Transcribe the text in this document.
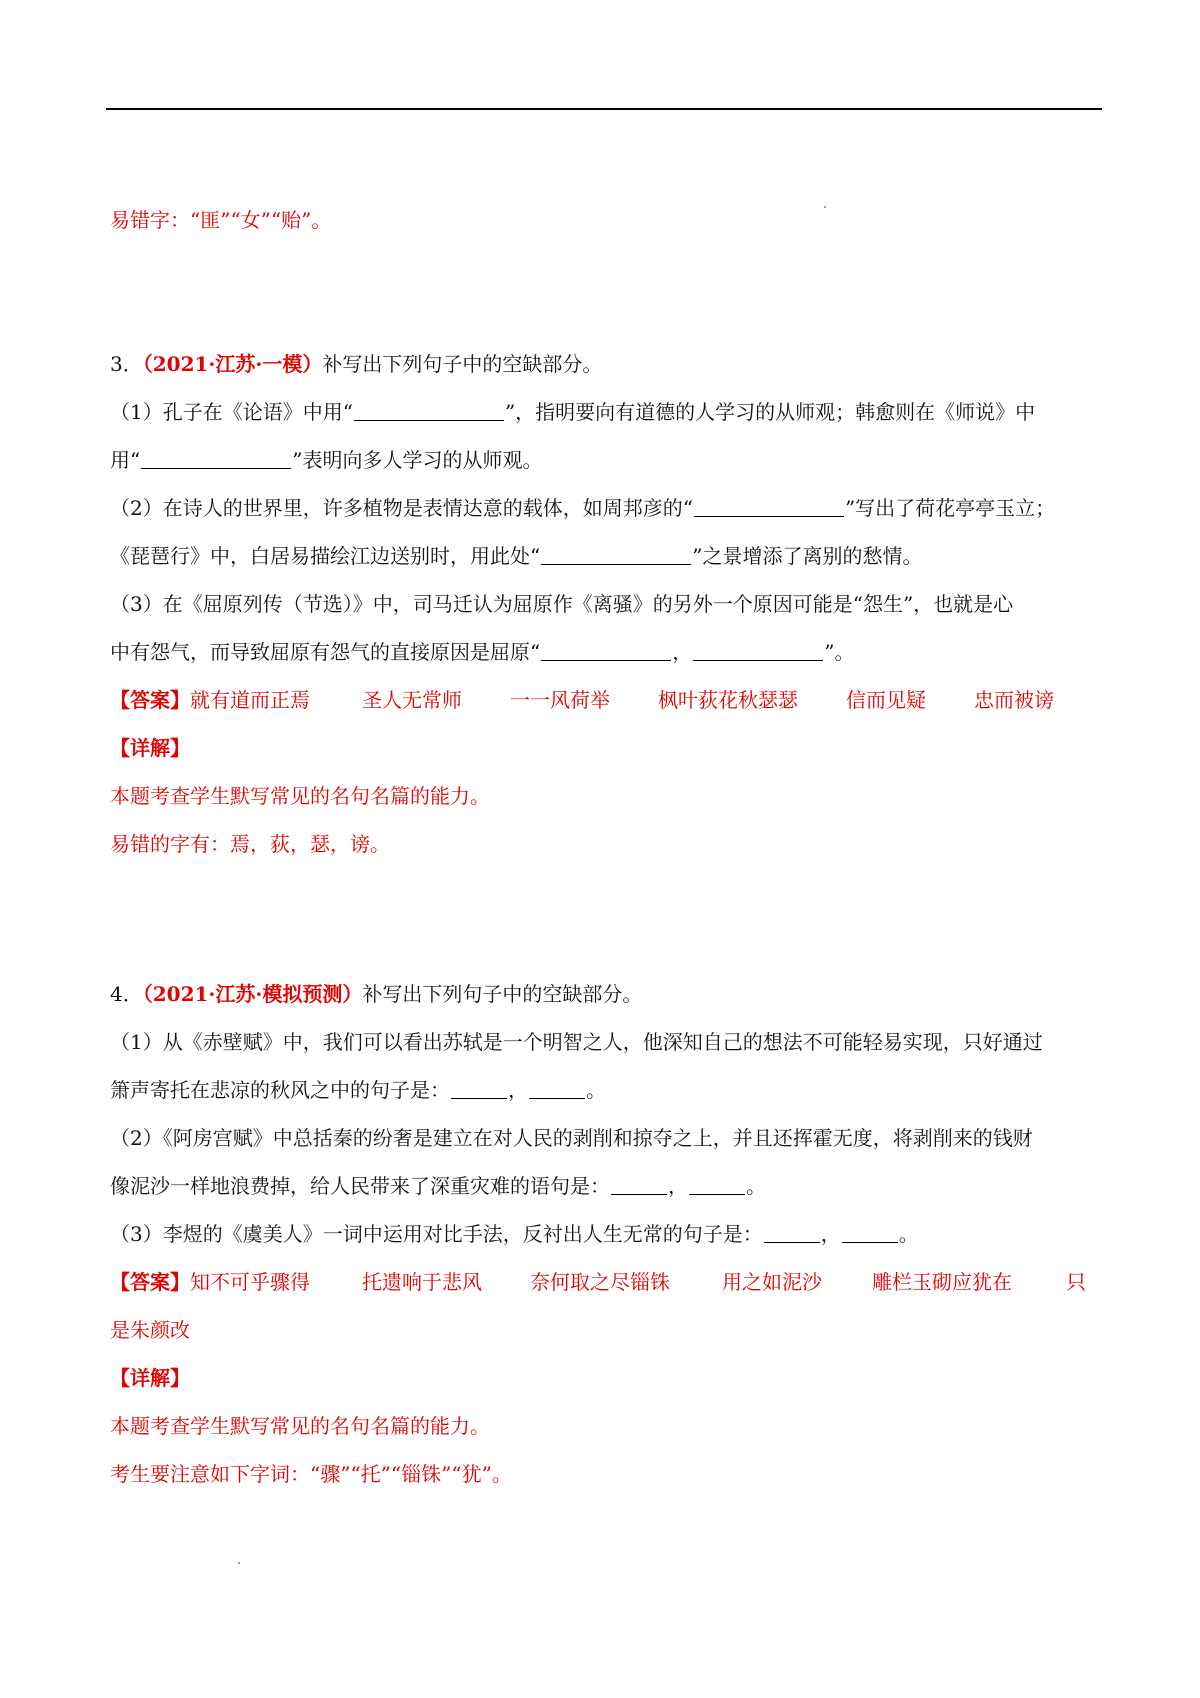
易错字：“匪”“女”“贻”。
3．（2021·江苏·一模）补写出下列句子中的空缺部分。
（1）孔子在《论语》中用“	”，指明要向有道德的人学习的从师观；韩愈则在《师说》中
用“	”表明向多人学习的从师观。
（2）在诗人的世界里，许多植物是表情达意的载体，如周邦彦的“	”写出了荷花亭亭玉立；
《琵琶行》中，白居易描绘江边送别时，用此处“	”之景增添了离别的愁情。
（3）在《屈原列传（节选）》中，司马迁认为屈原作《离骚》的另外一个原因可能是“怨生”，也就是心
中有怨气，而导致屈原有怨气的直接原因是屈原“	，	”。
【答案】就有道而正焉	圣人无常师 一一风荷举 枫叶荻花秋瑟瑟 信而见疑 忠而被谤
【详解】
本题考查学生默写常见的名句名篇的能力。
易错的字有：焉，荻，瑟，谤。
4．（2021·江苏·模拟预测）补写出下列句子中的空缺部分。
（1）从《赤壁赋》中，我们可以看出苏轼是一个明智之人，他深知自己的想法不可能轻易实现，只好通过
箫声寄托在悲凉的秋风之中的句子是：	，	。
（2）《阿房宫赋》中总括秦的纷奢是建立在对人民的剥削和掠夺之上，并且还挥霍无度，将剥削来的钱财
像泥沙一样地浪费掉，给人民带来了深重灾难的语句是：	，	。
（3）李煜的《虞美人》一词中运用对比手法，反衬出人生无常的句子是：	，	。
【答案】知不可乎骤得	托遗响于悲风 奈何取之尽锱铢	用之如泥沙	雕栏玉砌应犹在	只
是朱颜改
【详解】
本题考查学生默写常见的名句名篇的能力。
考生要注意如下字词：“骤”“托”“锱铢”“犹”。
